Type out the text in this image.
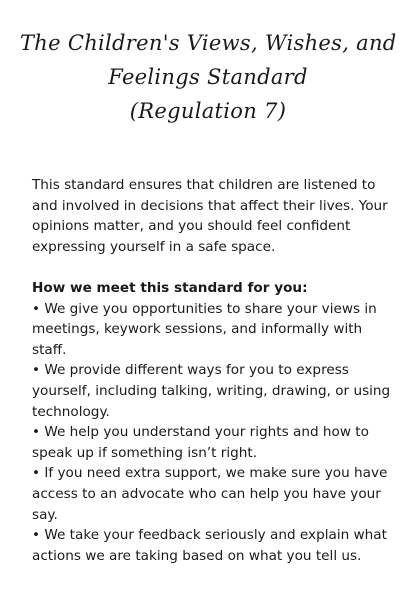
The Children's Views, Wishes, and
Feelings Standard
(Regulation 7)

This standard ensures that children are listened to and involved in decisions that affect their lives. Your opinions matter, and you should feel confident expressing yourself in a safe space.

How we meet this standard for you:

• We give you opportunities to share your views in meetings, keywork sessions, and informally with staff.

• We provide different ways for you to express yourself, including talking, writing, drawing, or using technology.

• We help you understand your rights and how to speak up if something isn’t right.

• If you need extra support, we make sure you have access to an advocate who can help you have your say.

• We take your feedback seriously and explain what actions we are taking based on what you tell us.
